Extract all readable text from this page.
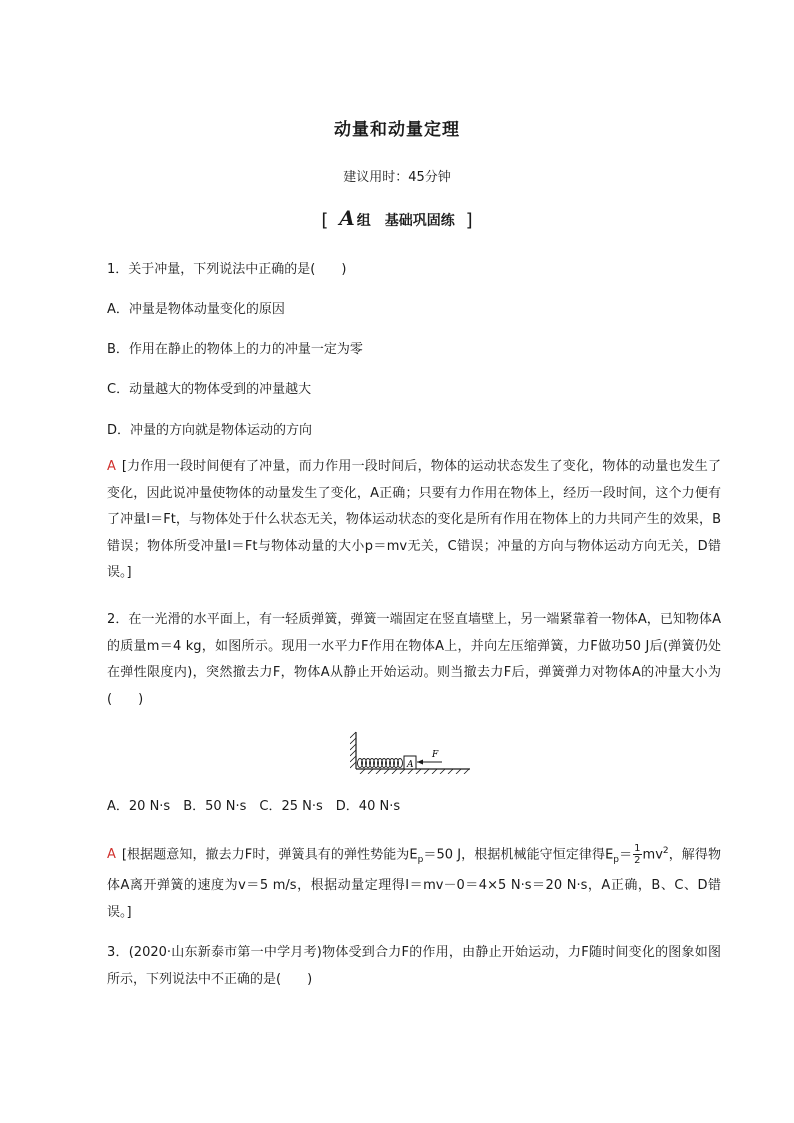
动量和动量定理
建议用时：45分钟
[ A 组 基础巩固练 ]
1．关于冲量，下列说法中正确的是(　　)
A．冲量是物体动量变化的原因
B．作用在静止的物体上的力的冲量一定为零
C．动量越大的物体受到的冲量越大
D．冲量的方向就是物体运动的方向
A [力作用一段时间便有了冲量，而力作用一段时间后，物体的运动状态发生了变化，物体的动量也发生了变化，因此说冲量使物体的动量发生了变化，A正确；只要有力作用在物体上，经历一段时间，这个力便有了冲量I＝Ft，与物体处于什么状态无关，物体运动状态的变化是所有作用在物体上的力共同产生的效果，B错误；物体所受冲量I＝Ft与物体动量的大小p＝mv无关，C错误；冲量的方向与物体运动方向无关，D错误。]
2．在一光滑的水平面上，有一轻质弹簧，弹簧一端固定在竖直墙壁上，另一端紧靠着一物体A，已知物体A的质量m＝4 kg，如图所示。现用一水平力F作用在物体A上，并向左压缩弹簧，力F做功50 J后(弹簧仍处在弹性限度内)，突然撤去力F，物体A从静止开始运动。则当撤去力F后，弹簧弹力对物体A的冲量大小为(　　)
A
F
A．20 N·s　B．50 N·s　C．25 N·s　D．40 N·s
A [根据题意知，撤去力F时，弹簧具有的弹性势能为$E_p=50$ J，根据机械能守恒定律得$E_p= \frac{1}{2} mv^2$，解得物体A离开弹簧的速度为v＝5 m/s，根据动量定理得I＝mv－0＝4×5 N·s＝20 N·s，A正确，B、C、D错误。]
3．(2020·山东新泰市第一中学月考)物体受到合力F的作用，由静止开始运动，力F随时间变化的图象如图所示，下列说法中不正确的是(　　)
